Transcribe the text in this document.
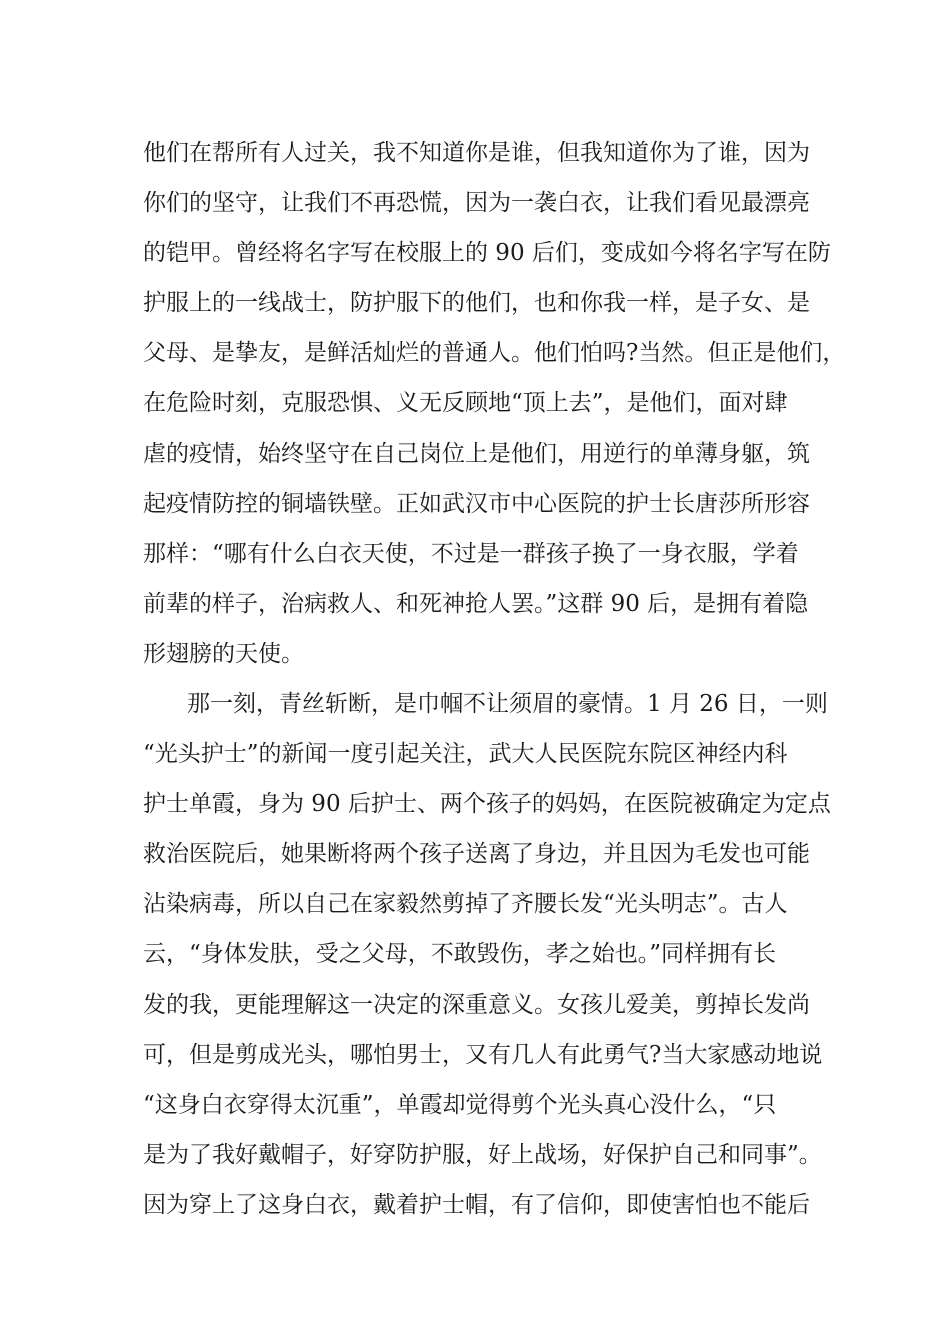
他们在帮所有人过关，我不知道你是谁，但我知道你为了谁，因为
你们的坚守，让我们不再恐慌，因为一袭白衣，让我们看见最漂亮
的铠甲。曾经将名字写在校服上的 90 后们，变成如今将名字写在防
护服上的一线战士，防护服下的他们，也和你我一样，是子女、是
父母、是挚友，是鲜活灿烂的普通人。他们怕吗?当然。但正是他们，
在危险时刻，克服恐惧、义无反顾地“顶上去”，是他们，面对肆
虐的疫情，始终坚守在自己岗位上是他们，用逆行的单薄身躯，筑
起疫情防控的铜墙铁壁。正如武汉市中心医院的护士长唐莎所形容
那样：“哪有什么白衣天使，不过是一群孩子换了一身衣服，学着
前辈的样子，治病救人、和死神抢人罢。”这群 90 后，是拥有着隐
形翅膀的天使。
那一刻，青丝斩断，是巾帼不让须眉的豪情。1 月 26 日，一则
“光头护士”的新闻一度引起关注，武大人民医院东院区神经内科
护士单霞，身为 90 后护士、两个孩子的妈妈，在医院被确定为定点
救治医院后，她果断将两个孩子送离了身边，并且因为毛发也可能
沾染病毒，所以自己在家毅然剪掉了齐腰长发“光头明志”。古人
云，“身体发肤，受之父母，不敢毁伤，孝之始也。”同样拥有长
发的我，更能理解这一决定的深重意义。女孩儿爱美，剪掉长发尚
可，但是剪成光头，哪怕男士，又有几人有此勇气?当大家感动地说
“这身白衣穿得太沉重”，单霞却觉得剪个光头真心没什么，“只
是为了我好戴帽子，好穿防护服，好上战场，好保护自己和同事”。
因为穿上了这身白衣，戴着护士帽，有了信仰，即使害怕也不能后
